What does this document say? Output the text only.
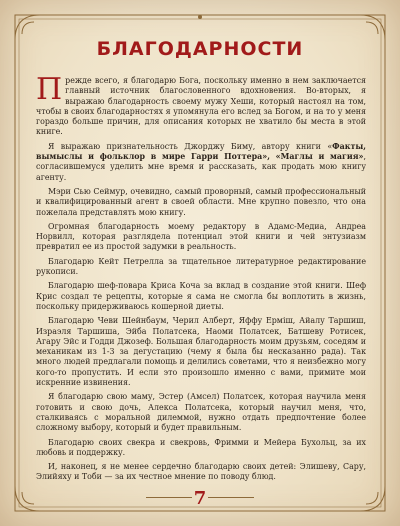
БЛАГОДАРНОСТИ

Прежде всего, я благодарю Бога, поскольку именно в нем заключается главный источник благословенного вдохновения. Во-вторых, я выражаю благодарность своему мужу Хеши, который настоял на том, чтобы в своих благодарностях я упомянула его вслед за Богом, и на то у меня гораздо больше причин, для описания которых не хватило бы места в этой книге.

Я выражаю признательность Джорджу Биму, автору книги «Факты, вымыслы и фольклор в мире Гарри Поттера», «Маглы и магия», согласившемуся уделить мне время и рассказать, как продать мою книгу агенту.

Мэри Сью Сеймур, очевидно, самый проворный, самый профессиональный и квалифицированный агент в своей области. Мне крупно повезло, что она пожелала представлять мою книгу.

Огромная благодарность моему редактору в Адамс-Медиа, Андреа Норвилл, которая разглядела потенциал этой книги и чей энтузиазм превратил ее из простой задумки в реальность.

Благодарю Кейт Петрелла за тщательное литературное редактирование рукописи.

Благодарю шеф-повара Криса Коча за вклад в создание этой книги. Шеф Крис создал те рецепты, которые я сама не смогла бы воплотить в жизнь, поскольку придерживаюсь кошерной диеты.

Благодарю Чеви Шейнбаум, Черил Алберт, Яффу Ерміш, Айалу Таршиш, Израэля Таршиша, Эйба Полатсека, Наоми Полатсек, Батшеву Ротисек, Агару Эйс и Годди Джозеф. Большая благодарность моим друзьям, соседям и механикам из 1-3 за дегустацию (чему я была бы несказанно рада). Так много людей предлагали помощь и делились советами, что я неизбежно могу кого-то пропустить. И если это произошло именно с вами, примите мои искренние извинения.

Я благодарю свою маму, Эстер (Амсел) Полатсек, которая научила меня готовить и свою дочь, Алекса Полатсека, который научил меня, что, сталкиваясь с моральной дилеммой, нужно отдать предпочтение более сложному выбору, который и будет правильным.

Благодарю своих свекра и свекровь, Фримми и Мейера Бухольц, за их любовь и поддержку.

И, наконец, я не менее сердечно благодарю своих детей: Элишеву, Сару, Элийяху и Тоби — за их честное мнение по поводу блюд.

7
